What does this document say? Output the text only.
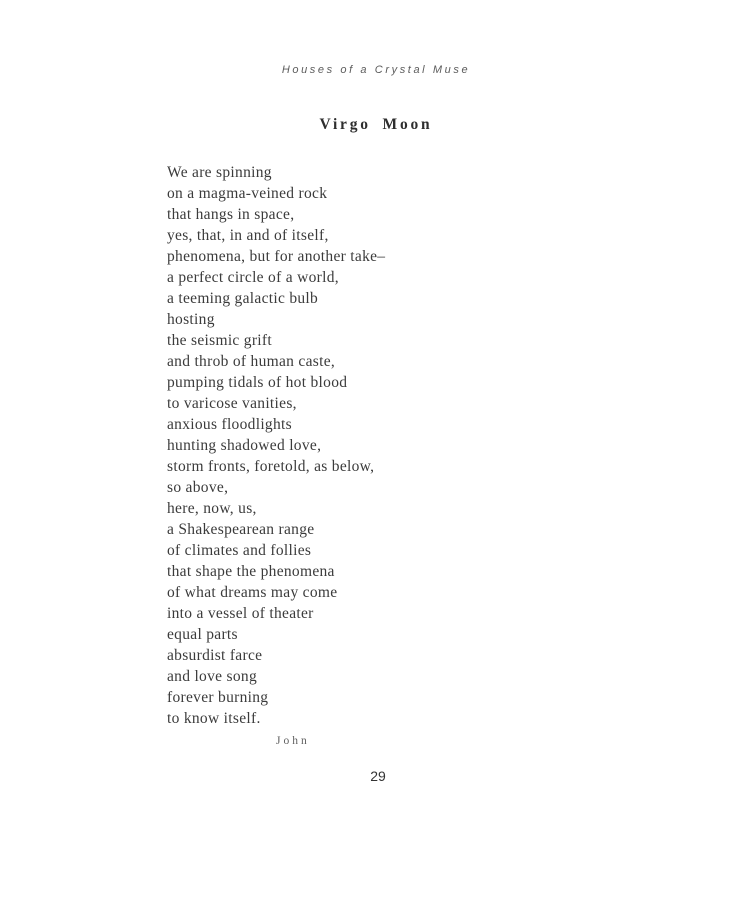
Houses of a Crystal Muse
Virgo Moon
We are spinning
on a magma-veined rock
that hangs in space,
yes, that, in and of itself,
phenomena, but for another take–
a perfect circle of a world,
a teeming galactic bulb
hosting
the seismic grift
and throb of human caste,
pumping tidals of hot blood
to varicose vanities,
anxious floodlights
hunting shadowed love,
storm fronts, foretold, as below,
so above,
here, now, us,
a Shakespearean range
of climates and follies
that shape the phenomena
of what dreams may come
into a vessel of theater
equal parts
absurdist farce
and love song
forever burning
to know itself.
John
29
